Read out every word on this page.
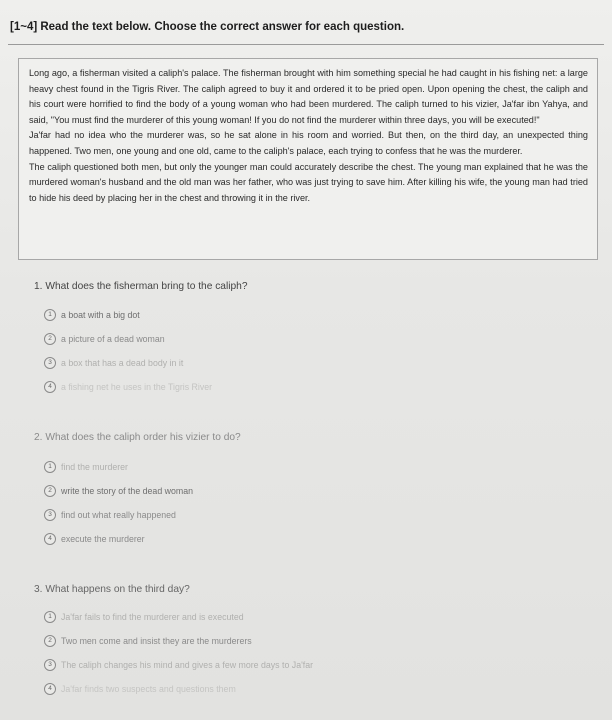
[1~4] Read the text below. Choose the correct answer for each question.

Long ago, a fisherman visited a caliph's palace. The fisherman brought with him something special he had caught in his fishing net: a large heavy chest found in the Tigris River. The caliph agreed to buy it and ordered it to be pried open. Upon opening the chest, the caliph and his court were horrified to find the body of a young woman who had been murdered. The caliph turned to his vizier, Ja'far ibn Yahya, and said, "You must find the murderer of this young woman! If you do not find the murderer within three days, you will be executed!"

Ja'far had no idea who the murderer was, so he sat alone in his room and worried. But then, on the third day, an unexpected thing happened. Two men, one young and one old, came to the caliph's palace, each trying to confess that he was the murderer.

The caliph questioned both men, but only the younger man could accurately describe the chest. The young man explained that he was the murdered woman's husband and the old man was her father, who was just trying to save him. After killing his wife, the young man had tried to hide his deed by placing her in the chest and throwing it in the river.

1. What does the fisherman bring to the caliph?
1	a boat with a big dot
2	a picture of a dead woman
3	a box that has a dead body in it
4	a fishing net he uses in the Tigris River
2. What does the caliph order his vizier to do?
1	find the murderer
2	write the story of the dead woman
3	find out what really happened
4	execute the murderer
3. What happens on the third day?
1	Ja'far fails to find the murderer and is executed
2	Two men come and insist they are the murderers
3	The caliph changes his mind and gives a few more days to Ja'far
4	Ja'far finds two suspects and questions them
